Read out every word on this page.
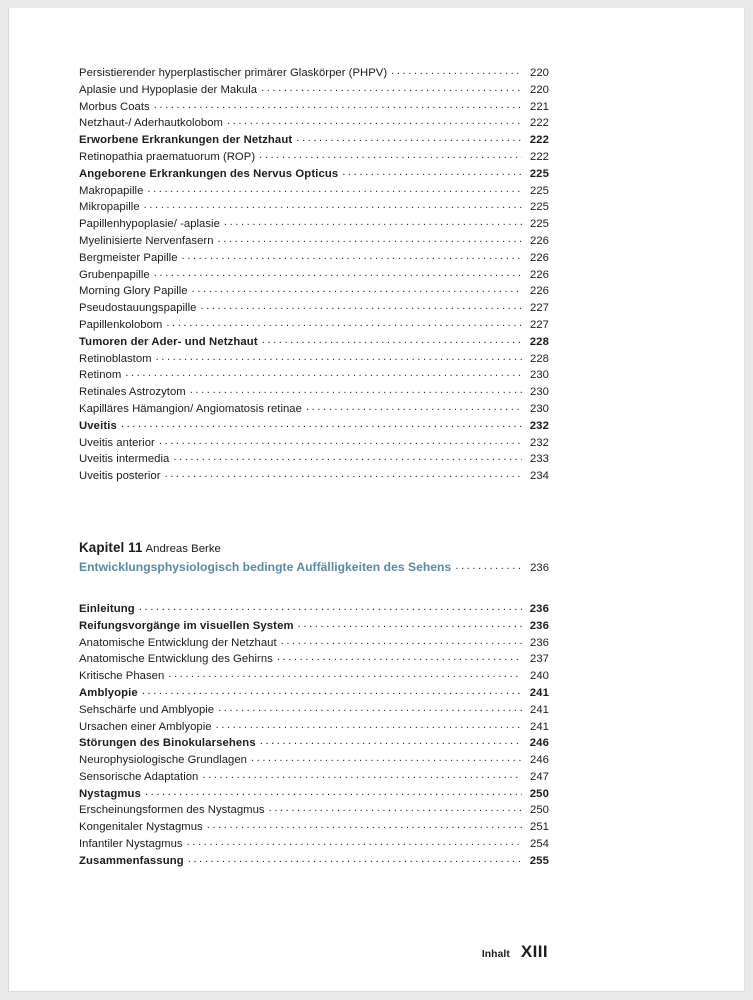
Persistierender hyperplastischer primärer Glaskörper (PHPV) .....	220
Aplasie und Hypoplasie der Makula .....	220
Morbus Coats .....	221
Netzhaut-/ Aderhautkolobom .....	222
Erworbene Erkrankungen der Netzhaut .....	222
Retinopathia praematuorum (ROP) .....	222
Angeborene Erkrankungen des Nervus Opticus .....	225
Makropapille .....	225
Mikropapille .....	225
Papillenhypoplasie/ -aplasie .....	225
Myelinisierte Nervenfasern .....	226
Bergmeister Papille .....	226
Grubenpapille .....	226
Morning Glory Papille .....	226
Pseudostauungspapille .....	227
Papillenkolobom .....	227
Tumoren der Ader- und Netzhaut .....	228
Retinoblastom .....	228
Retinom .....	230
Retinales Astrozytom .....	230
Kapilläres Hämangion/ Angiomatosis retinae .....	230
Uveitis .....	232
Uveitis anterior .....	232
Uveitis intermedia .....	233
Uveitis posterior .....	234
Kapitel 11 Andreas Berke
Entwicklungsphysiologisch bedingte Auffälligkeiten des Sehens .....	236
Einleitung .....	236
Reifungsvorgänge im visuellen System .....	236
Anatomische Entwicklung der Netzhaut .....	236
Anatomische Entwicklung des Gehirns .....	237
Kritische Phasen .....	240
Amblyopie .....	241
Sehschärfe und Amblyopie .....	241
Ursachen einer Amblyopie .....	241
Störungen des Binokularsehens .....	246
Neurophysiologische Grundlagen .....	246
Sensorische Adaptation .....	247
Nystagmus .....	250
Erscheinungsformen des Nystagmus .....	250
Kongenitaler Nystagmus .....	251
Infantiler Nystagmus .....	254
Zusammenfassung .....	255
Inhalt XIII
